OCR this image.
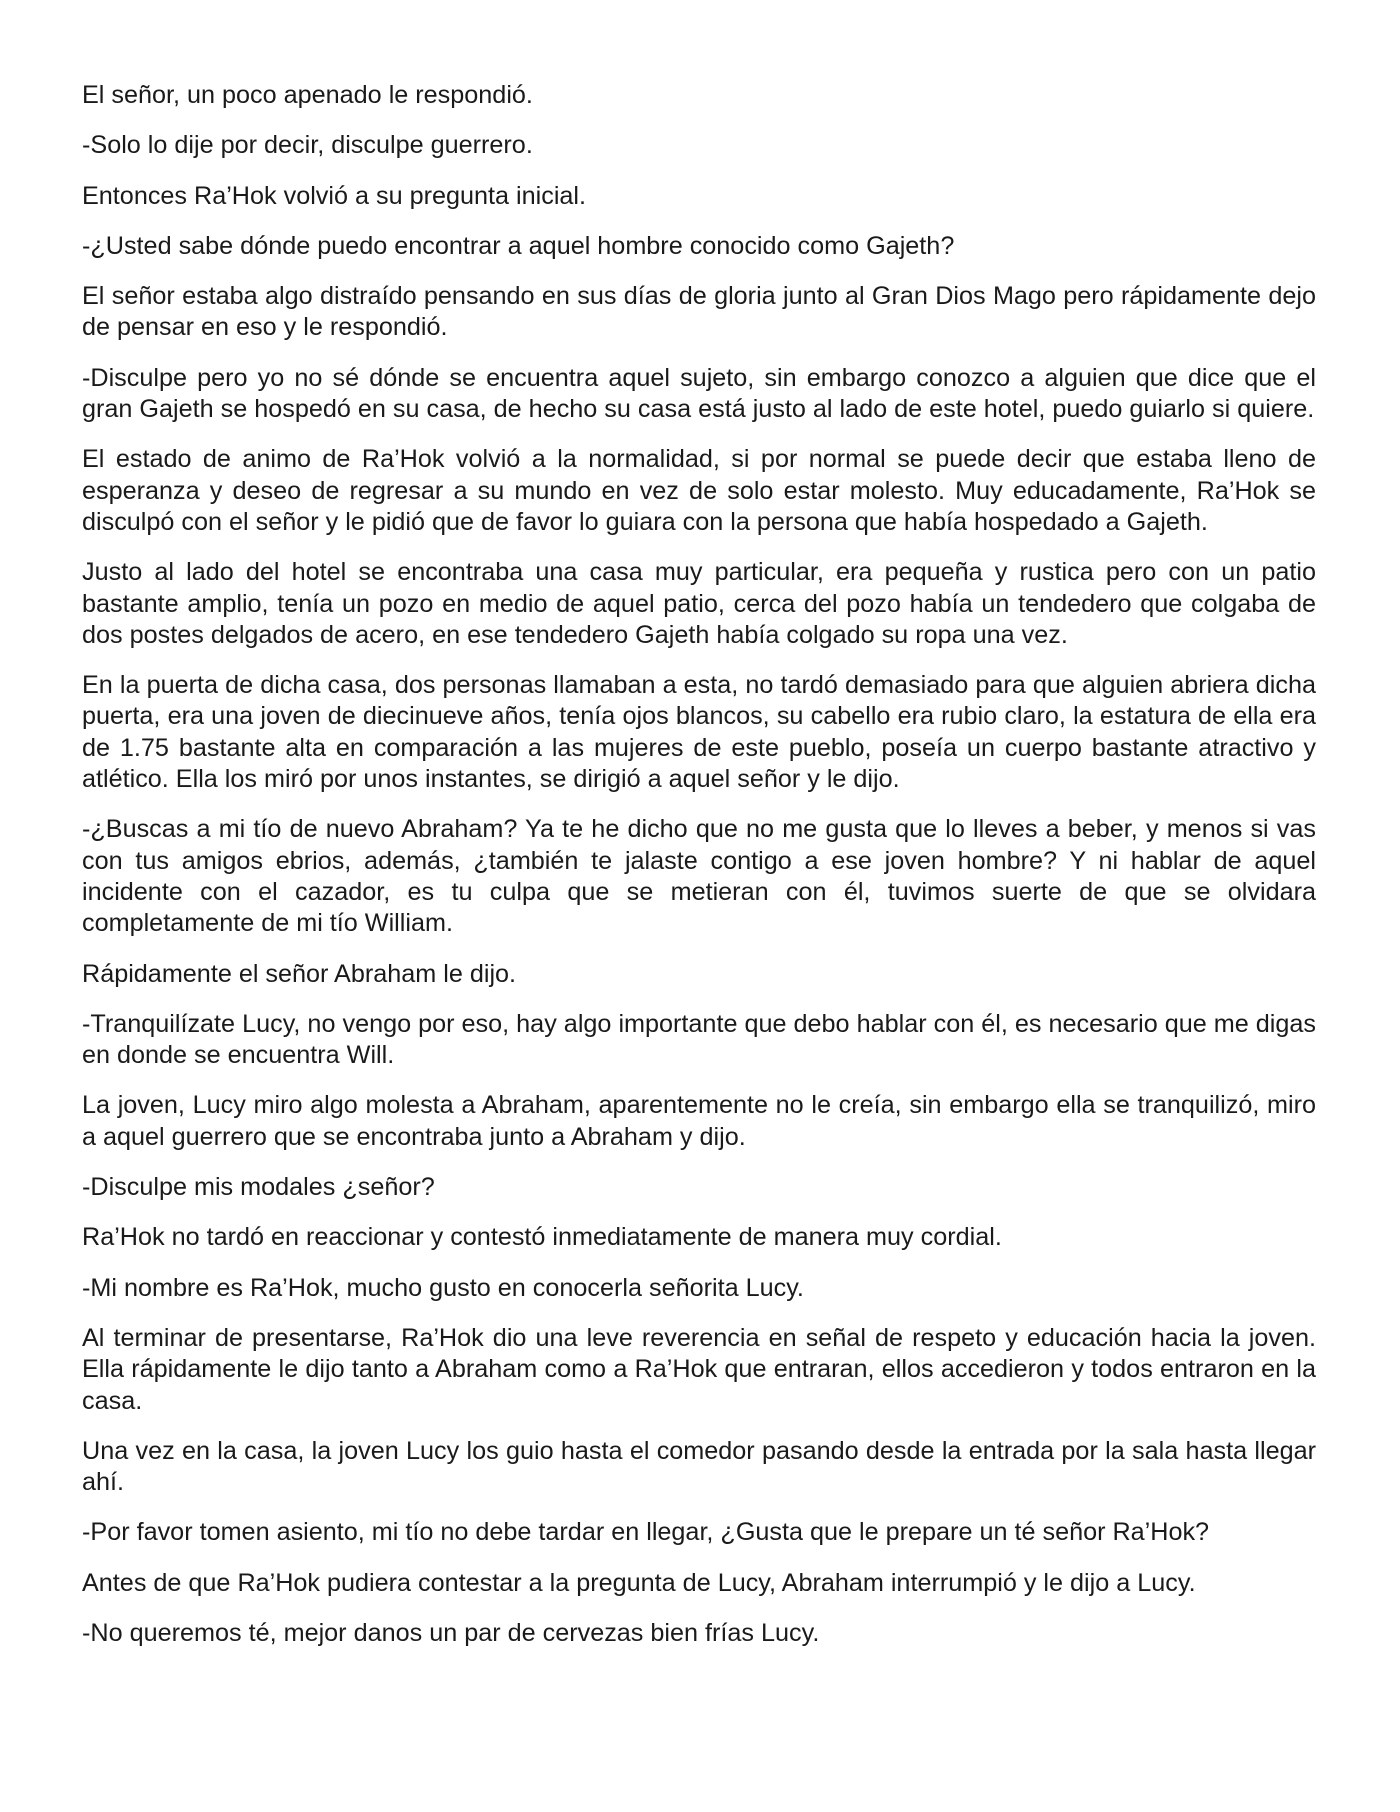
El señor, un poco apenado le respondió.

-Solo lo dije por decir, disculpe guerrero.

Entonces Ra’Hok volvió a su pregunta inicial.

-¿Usted sabe dónde puedo encontrar a aquel hombre conocido como Gajeth?

El señor estaba algo distraído pensando en sus días de gloria junto al Gran Dios Mago pero rápidamente dejo de pensar en eso y le respondió.

-Disculpe pero yo no sé dónde se encuentra aquel sujeto, sin embargo conozco a alguien que dice que el gran Gajeth se hospedó en su casa, de hecho su casa está justo al lado de este hotel, puedo guiarlo si quiere.

El estado de animo de Ra’Hok volvió a la normalidad, si por normal se puede decir que estaba lleno de esperanza y deseo de regresar a su mundo en vez de solo estar molesto. Muy educadamente, Ra’Hok se disculpó con el señor y le pidió que de favor lo guiara con la persona que había hospedado a Gajeth.

Justo al lado del hotel se encontraba una casa muy particular, era pequeña y rustica pero con un patio bastante amplio, tenía un pozo en medio de aquel patio, cerca del pozo había un tendedero que colgaba de dos postes delgados de acero, en ese tendedero Gajeth había colgado su ropa una vez.

En la puerta de dicha casa, dos personas llamaban a esta, no tardó demasiado para que alguien abriera dicha puerta, era una joven de diecinueve años, tenía ojos blancos, su cabello era rubio claro, la estatura de ella era de 1.75 bastante alta en comparación a las mujeres de este pueblo, poseía un cuerpo bastante atractivo y atlético. Ella los miró por unos instantes, se dirigió a aquel señor y le dijo.

-¿Buscas a mi tío de nuevo Abraham? Ya te he dicho que no me gusta que lo lleves a beber, y menos si vas con tus amigos ebrios, además, ¿también te jalaste contigo a ese joven hombre? Y ni hablar de aquel incidente con el cazador, es tu culpa que se metieran con él, tuvimos suerte de que se olvidara completamente de mi tío William.

Rápidamente el señor Abraham le dijo.

-Tranquilízate Lucy, no vengo por eso, hay algo importante que debo hablar con él, es necesario que me digas en donde se encuentra Will.

La joven, Lucy miro algo molesta a Abraham, aparentemente no le creía, sin embargo ella se tranquilizó, miro a aquel guerrero que se encontraba junto a Abraham y dijo.

-Disculpe mis modales ¿señor?

Ra’Hok no tardó en reaccionar y contestó inmediatamente de manera muy cordial.

-Mi nombre es Ra’Hok, mucho gusto en conocerla señorita Lucy.

Al terminar de presentarse, Ra’Hok dio una leve reverencia en señal de respeto y educación hacia la joven. Ella rápidamente le dijo tanto a Abraham como a Ra’Hok que entraran, ellos accedieron y todos entraron en la casa.

Una vez en la casa, la joven Lucy los guio hasta el comedor pasando desde la entrada por la sala hasta llegar ahí.

-Por favor tomen asiento, mi tío no debe tardar en llegar, ¿Gusta que le prepare un té señor Ra’Hok?

Antes de que Ra’Hok pudiera contestar a la pregunta de Lucy, Abraham interrumpió y le dijo a Lucy.

-No queremos té, mejor danos un par de cervezas bien frías Lucy.
